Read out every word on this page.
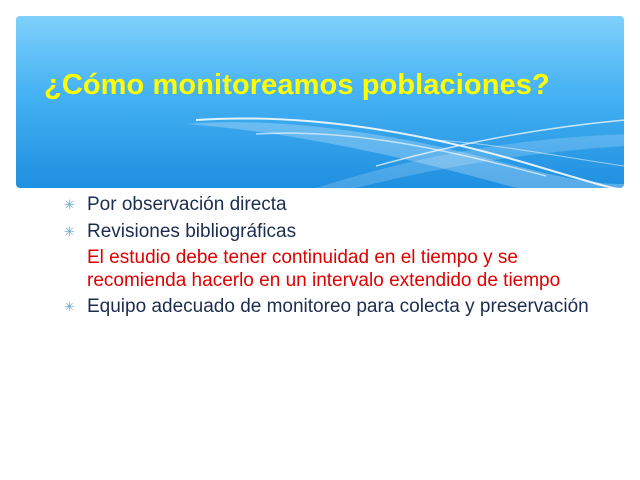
¿Cómo monitoreamos poblaciones?
✳ Por observación directa
✳ Revisiones bibliográficas
El estudio debe tener continuidad en el tiempo y se recomienda hacerlo en un intervalo extendido de tiempo
✳ Equipo adecuado de monitoreo para colecta y preservación
